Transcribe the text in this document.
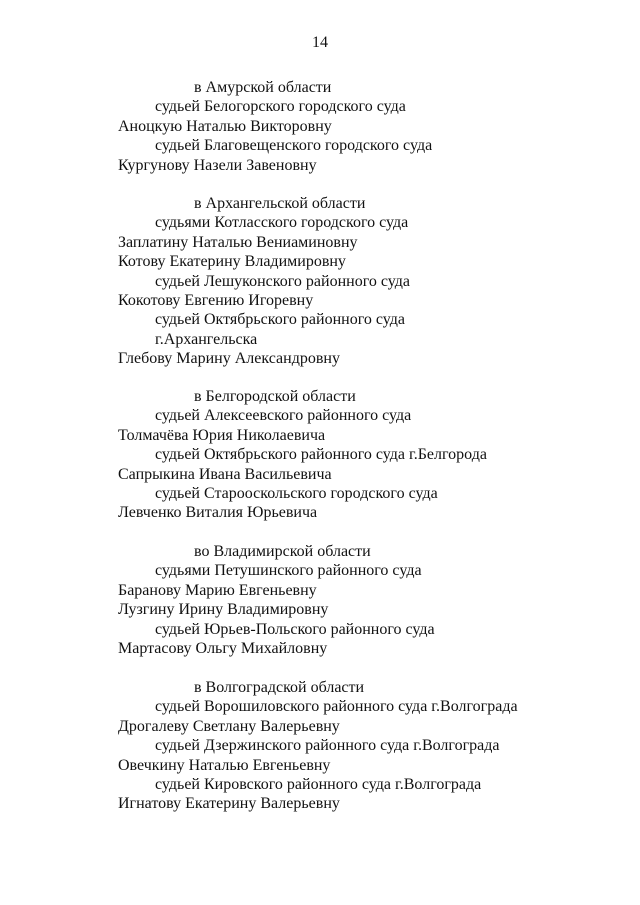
14
в Амурской области
судьей Белогорского городского суда
Аноцкую Наталью Викторовну
судьей Благовещенского городского суда
Кургунову Назели Завеновну
в Архангельской области
судьями Котласского городского суда
Заплатину Наталью Вениаминовну
Котову Екатерину Владимировну
судьей Лешуконского районного суда
Кокотову Евгению Игоревну
судьей Октябрьского районного суда
г.Архангельска
Глебову Марину Александровну
в Белгородской области
судьей Алексеевского районного суда
Толмачёва Юрия Николаевича
судьей Октябрьского районного суда г.Белгорода
Сапрыкина Ивана Васильевича
судьей Старооскольского городского суда
Левченко Виталия Юрьевича
во Владимирской области
судьями Петушинского районного суда
Баранову Марию Евгеньевну
Лузгину Ирину Владимировну
судьей Юрьев-Польского районного суда
Мартасову Ольгу Михайловну
в Волгоградской области
судьей Ворошиловского районного суда г.Волгограда
Дрогалеву Светлану Валерьевну
судьей Дзержинского районного суда г.Волгограда
Овечкину Наталью Евгеньевну
судьей Кировского районного суда г.Волгограда
Игнатову Екатерину Валерьевну
